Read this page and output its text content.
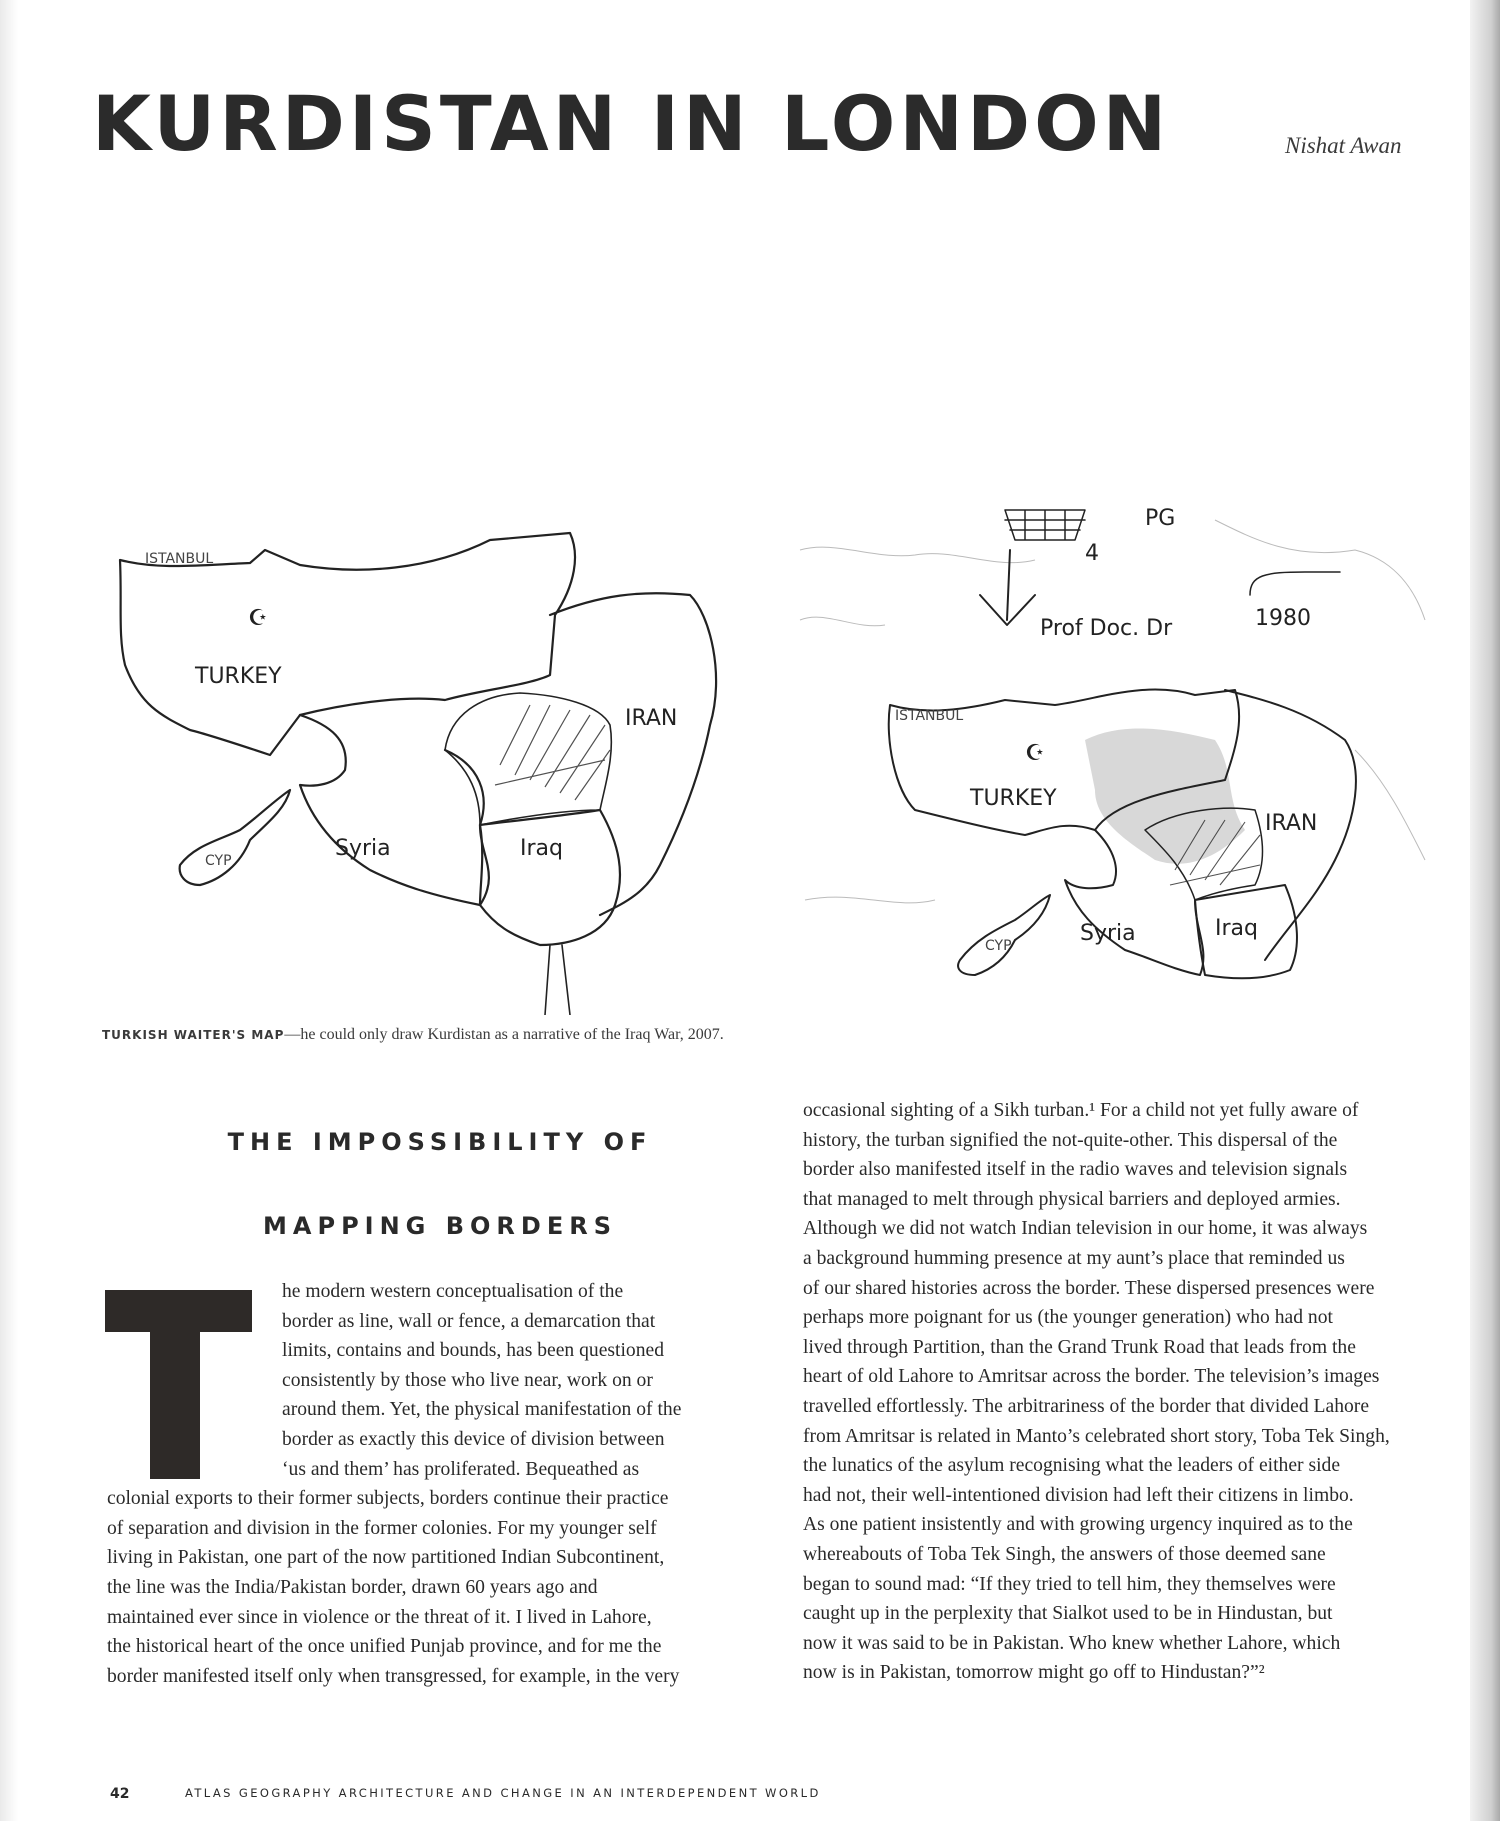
KURDISTAN IN LONDON	Nishat Awan
ISTANBUL
☪
TURKEY
IRAN
Syria	Iraq
CYP
ISTANBUL
☪
TURKEY
IRAN
Syria	Iraq
CYP
Prof Doc. Dr	1980
4
PG
TURKISH WAITER'S MAP—he could only draw Kurdistan as a narrative of the Iraq War, 2007.
THE IMPOSSIBILITY OF
MAPPING BORDERS
he modern western conceptualisation of the
border as line, wall or fence, a demarcation that
limits, contains and bounds, has been questioned
consistently by those who live near, work on or
around them. Yet, the physical manifestation of the
border as exactly this device of division between
‘us and them’ has proliferated. Bequeathed as
colonial exports to their former subjects, borders continue their practice
of separation and division in the former colonies. For my younger self
living in Pakistan, one part of the now partitioned Indian Subcontinent,
the line was the India/Pakistan border, drawn 60 years ago and
maintained ever since in violence or the threat of it. I lived in Lahore,
the historical heart of the once unified Punjab province, and for me the
border manifested itself only when transgressed, for example, in the very
occasional sighting of a Sikh turban.¹ For a child not yet fully aware of
history, the turban signified the not-quite-other. This dispersal of the
border also manifested itself in the radio waves and television signals
that managed to melt through physical barriers and deployed armies.
Although we did not watch Indian television in our home, it was always
a background humming presence at my aunt’s place that reminded us
of our shared histories across the border. These dispersed presences were
perhaps more poignant for us (the younger generation) who had not
lived through Partition, than the Grand Trunk Road that leads from the
heart of old Lahore to Amritsar across the border. The television’s images
travelled effortlessly. The arbitrariness of the border that divided Lahore
from Amritsar is related in Manto’s celebrated short story, Toba Tek Singh,
the lunatics of the asylum recognising what the leaders of either side
had not, their well-intentioned division had left their citizens in limbo.
As one patient insistently and with growing urgency inquired as to the
whereabouts of Toba Tek Singh, the answers of those deemed sane
began to sound mad: “If they tried to tell him, they themselves were
caught up in the perplexity that Sialkot used to be in Hindustan, but
now it was said to be in Pakistan. Who knew whether Lahore, which
now is in Pakistan, tomorrow might go off to Hindustan?”²
42	ATLAS GEOGRAPHY ARCHITECTURE AND CHANGE IN AN INTERDEPENDENT WORLD
